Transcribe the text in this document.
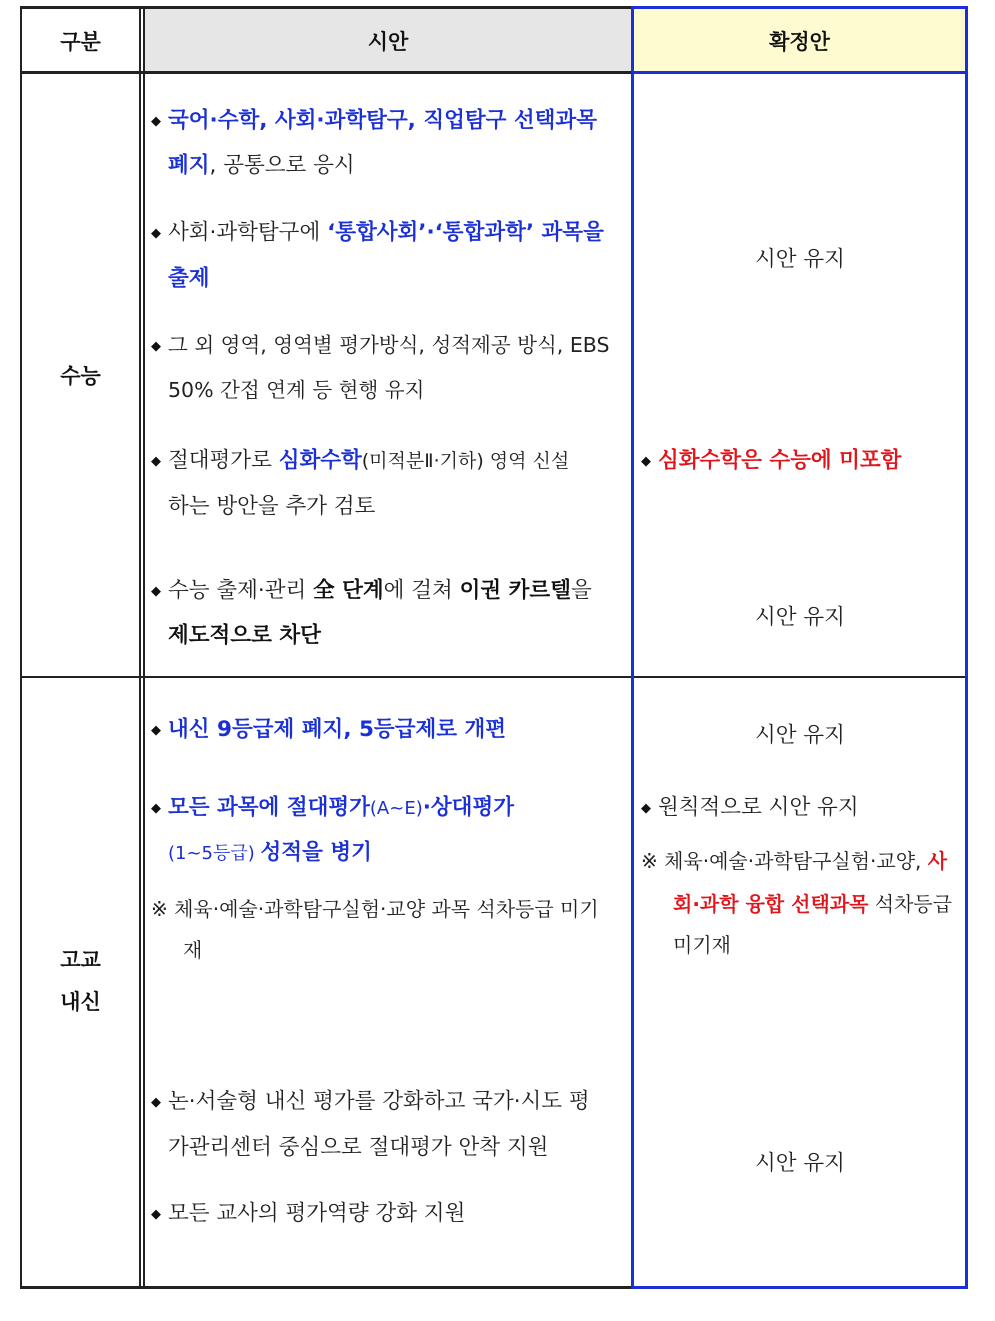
구분	시안	확정안
수능
고교
내신
◆ 국어·수학, 사회·과학탐구, 직업탐구 선택과목
폐지, 공통으로 응시
◆ 사회·과학탐구에 ‘통합사회’·‘통합과학’ 과목을
출제
◆ 그 외 영역, 영역별 평가방식, 성적제공 방식, EBS
50% 간접 연계 등 현행 유지
◆ 절대평가로 심화수학(미적분Ⅱ·기하) 영역 신설
하는 방안을 추가 검토
◆ 수능 출제·관리 全 단계에 걸쳐 이권 카르텔을
제도적으로 차단
시안 유지
◆ 심화수학은 수능에 미포함
시안 유지
◆ 내신 9등급제 폐지, 5등급제로 개편
◆ 모든 과목에 절대평가(A~E)·상대평가
(1~5등급) 성적을 병기
※ 체육·예술·과학탐구실험·교양 과목 석차등급 미기
재
◆ 논·서술형 내신 평가를 강화하고 국가·시도 평
가관리센터 중심으로 절대평가 안착 지원
◆ 모든 교사의 평가역량 강화 지원
시안 유지
◆ 원칙적으로 시안 유지
※ 체육·예술·과학탐구실험·교양, 사
회·과학 융합 선택과목 석차등급
미기재
시안 유지
